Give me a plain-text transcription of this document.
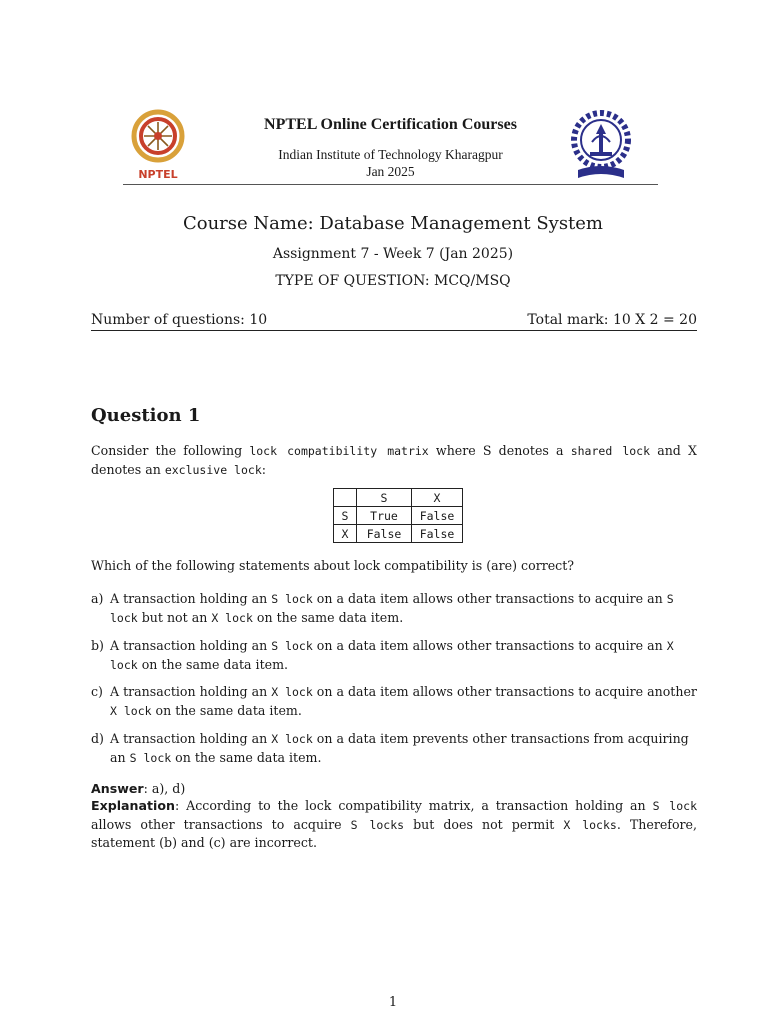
NPTEL
NPTEL Online Certification Courses
Indian Institute of Technology Kharagpur
Jan 2025
Course Name: Database Management System
Assignment 7 - Week 7 (Jan 2025)
TYPE OF QUESTION: MCQ/MSQ
Number of questions: 10	Total mark: 10 X 2 = 20
Question 1
Consider the following lock compatibility matrix where S denotes a shared lock and X denotes an exclusive lock:
	S	X
S	True	False
X	False	False
Which of the following statements about lock compatibility is (are) correct?
a) A transaction holding an S lock on a data item allows other transactions to acquire an S lock but not an X lock on the same data item.
b) A transaction holding an S lock on a data item allows other transactions to acquire an X lock on the same data item.
c) A transaction holding an X lock on a data item allows other transactions to acquire another X lock on the same data item.
d) A transaction holding an X lock on a data item prevents other transactions from acquiring an S lock on the same data item.
Answer: a), d)
Explanation: According to the lock compatibility matrix, a transaction holding an S lock allows other transactions to acquire S locks but does not permit X locks. Therefore, statement (b) and (c) are incorrect.
1
